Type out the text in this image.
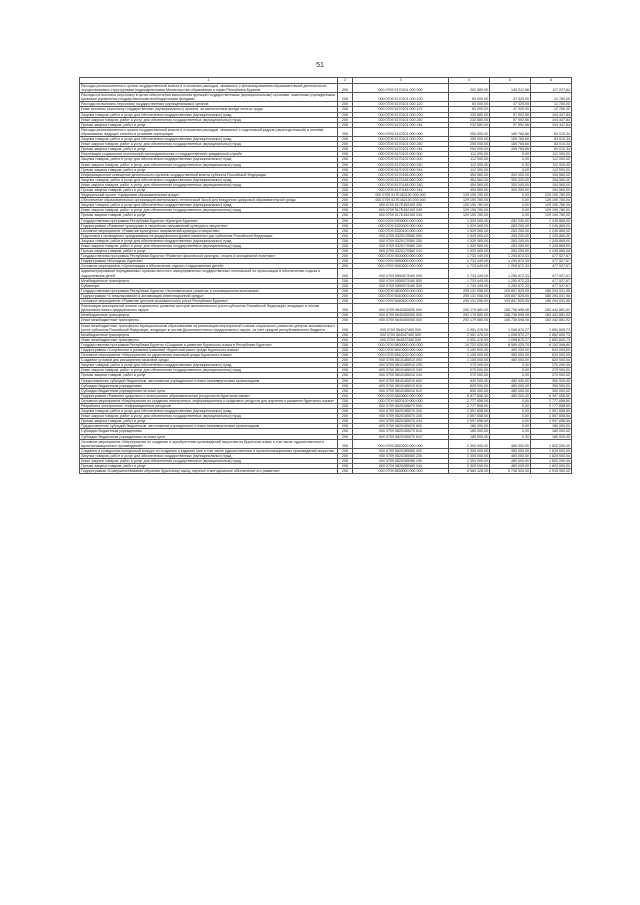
51
1	2	3	4	5	6
Расходы уполномоченного органа государственной власти в отношении расходов, связанных с финансированием образовательной деятельности, осуществляемых структурными подразделениями Министерства образования и науки Республики Бурятия	206	000 0709 5170101 000 000	202 580,00	145 312,56	117 227,84
Расходы на выплаты персоналу в целях обеспечения выполнения функций государственными (муниципальными) органами, казенными учреждениями, органами управления государственными внебюджетными фондами	206	000 0709 5170101 000 100	60 000,00	47 320,00	12 780,00
Расходы на выплаты персоналу государственных (муниципальных) органов	206	000 0709 5170101 000 120	60 000,00	47 320,00	12 780,00
Иные выплаты персоналу государственных (муниципальных) органов, за исключением фонда оплаты труда	206	000 0709 5170101 000 122	60 000,00	47 320,00	12 780,00
Закупка товаров, работ и услуг для обеспечения государственных (муниципальных) нужд	206	000 0709 5170101 000 200	232 580,00	97 992,56	104 447,84
Иные закупки товаров, работ и услуг для обеспечения государственных (муниципальных) нужд	206	000 0709 5170101 000 240	232 580,00	97 992,56	104 447,84
Прочая закупка товаров, работ и услуг	206	000 0709 5170101 000 244	232 580,00	97 992,56	104 447,84
Расходы уполномоченного органа государственной власти в отношении расходов, связанных с подготовкой кадров (переподготовкой) в системе образования, ведущих степень в условиях корпорации	206	000 0709 5170101 000 000	250 000,00	169 765,66	83 010,34
Закупка товаров, работ и услуг для обеспечения государственных (муниципальных) нужд	206	000 0709 5170101 000 200	250 000,00	169 765,66	83 010,34
Иные закупки товаров, работ и услуг для обеспечения государственных (муниципальных) нужд	206	000 0709 5170101 000 240	250 000,00	169 765,66	83 010,34
Прочая закупка товаров, работ и услуг	206	000 0709 5170101 000 244	250 000,00	169 765,66	83 010,34
Реализация социальных полномочий законодательства о государственной гражданской службе	206	000 0709 5170102 000 000	112 000,00	0,00	112 000,00
Закупка товаров, работ и услуг для обеспечения государственных (муниципальных) нужд	206	000 0709 5170102 000 200	112 000,00	0,00	112 000,00
Иные закупки товаров, работ и услуг для обеспечения государственных (муниципальных) нужд	206	000 0709 5170102 000 240	112 000,00	0,00	112 000,00
Прочая закупка товаров, работ и услуг	206	000 0709 5170102 000 244	112 000,00	0,00	112 000,00
Информационное освещение деятельности органов государственной власти субъекта Российской Федерации	206	000 0709 5170148 000 000	454 560,00	300 000,00	154 560,00
Закупка товаров, работ и услуг для обеспечения государственных (муниципальных) нужд	206	000 0709 5170148 000 200	454 560,00	300 000,00	154 560,00
Иные закупки товаров, работ и услуг для обеспечения государственных (муниципальных) нужд	206	000 0709 5170148 000 240	454 560,00	300 000,00	154 560,00
Прочая закупка товаров, работ и услуг	206	000 0709 5170148 000 244	454 560,00	300 000,00	154 560,00
Федеральный проект «Цифровая образовательная среда»	206	000 0709 517E452100 000 000	129 190 780,00	0,00	129 190 780,00
Обеспечение образовательных организаций материально-технической базой для внедрения цифровой образовательной среды	206	000 0709 517E452100 000 000	129 190 780,00	0,00	129 190 780,00
Закупка товаров, работ и услуг для обеспечения государственных (муниципальных) нужд	206	000 0709 517E452100 200	129 190 780,00	0,00	129 190 780,00
Иные закупки товаров, работ и услуг для обеспечения государственных (муниципальных) нужд	206	000 0709 517E452100 240	129 190 780,00	0,00	129 190 780,00
Прочая закупка товаров, работ и услуг	206	000 0709 517E452100 244	129 190 780,00	0,00	129 190 780,00
Государственная программа Республики Бурятия «Культура Бурятии»	206	000 0709 5300000 000 000	1 529 065,00	283 200,00	1 245 865,00
Подпрограмма «Развитие культурных и творческих направлений культуры и искусства»	206	000 0709 5320000 000 000	1 529 065,00	283 200,00	1 245 865,00
Основное мероприятие «Развитие культурных направлений культуры и искусства»	206	000 0709 5320100 000 000	1 529 065,00	283 200,00	1 245 865,00
Подготовка к проведению празднования на федеральном уровне памятных дат субъектов Российской Федерации	206	000 0709 5320170560 000	1 529 065,00	283 200,00	1 245 865,00
Закупка товаров, работ и услуг для обеспечения государственных (муниципальных) нужд	206	000 0709 5320170560 200	1 529 065,00	283 200,00	1 245 865,00
Иные закупки товаров, работ и услуг для обеспечения государственных (муниципальных) нужд	206	000 0709 5320170560 240	1 529 065,00	283 200,00	1 245 865,00
Прочая закупка товаров, работ и услуг	206	000 0709 5320170560 244	1 529 065,00	283 200,00	1 245 865,00
Государственная программа Республики Бурятия «Развитие физической культуры, спорта и молодежной политики»	206	000 0709 5500000 000 000	1 733 449,00	1 255 872,33	477 527,67
Подпрограмма «Молодежь Бурятии»	206	000 0709 5550000 000 000	1 733 449,00	1 255 872,33	477 527,67
Основное мероприятие «Организация и обеспечение отдыха и оздоровления детей»	206	000 0709 5550500 000 000	1 733 449,00	1 255 872,33	477 527,67
Администрирование передаваемых органам местного самоуправления государственных полномочий по организации и обеспечению отдыха и оздоровления детей	206	000 0709 5550573160 000	1 733 449,00	1 255 872,33	477 527,67
Межбюджетные трансферты	206	000 0709 5550573160 500	1 733 449,00	1 255 872,33	477 527,67
Субвенции	206	000 0709 5550573160 530	1 733 449,00	1 255 872,33	477 527,67
Государственная программа Республики Бурятия «Экономическое развитие и инновационная экономика»	206	000 0709 5600000 000 000	295 131 056,00	109 857 825,05	185 294 031,95
Подпрограмма «Стимулирование и активизация инвестиционной среды»	206	000 0709 5640000 000 000	295 131 056,00	109 857 825,05	185 294 031,95
Основное мероприятие «Развитие центров экономического роста Республики Бурятия»	206	000 0709 5640400 000 000	295 131 056,00	109 857 825,05	185 294 031,95
Реализация мероприятий планов социального развития центров экономического роста субъектов Российской Федерации, входящих в состав Дальневосточного федерального округа	206	000 0709 5640450050 000	292 179 580,00	108 736 698,08	183 442 881,92
Межбюджетные трансферты	206	000 0709 5640450050 500	292 179 580,00	108 736 698,08	183 442 881,92
Иные межбюджетные трансферты	206	000 0709 5640450050 540	292 179 580,00	108 736 698,08	183 442 881,92
Иные межбюджетные трансферты муниципальным образованиям на реализацию мероприятий планов социального развития центров экономического роста субъектов Российской Федерации, входящих в состав Дальневосточного федерального округа, за счет средств республиканского бюджета	206	000 0709 564047450 000	2 951 476,00	1 098 870,27	1 852 605,73
Межбюджетные трансферты	206	000 0709 564047450 500	2 951 476,00	1 098 870,27	1 852 605,73
Иные межбюджетные трансферты	206	000 0709 564047450 540	2 951 476,00	1 098 870,27	1 852 605,73
Государственная программа Республики Бурятия «Создание и развитие Бурятского языка в Республике Бурятия»	206	000 0709 5800000 000 000	14 722 028,50	8 569 429,70	6 152 598,80
Подпрограмма «Сохранение и развитие языковой «Бурятский язык» среды Бурятского языка»	206	000 0709 5810000 000 000	1 100 000,00	480 000,00	620 000,00
Основное мероприятие «Мероприятия по укреплению языковой среды Бурятского языка»	206	000 0709 5810100 000 000	1 100 000,00	480 000,00	620 000,00
Создание условий для расширения языковой среды	206	000 0709 5810185010 000	1 100 000,00	480 000,00	620 000,00
Закупка товаров, работ и услуг для обеспечения государственных (муниципальных) нужд	206	000 0709 5810185010 200	270 000,00	0,00	270 000,00
Иные закупки товаров, работ и услуг для обеспечения государственных (муниципальных) нужд	206	000 0709 5810185010 240	270 000,00	0,00	270 000,00
Прочая закупка товаров, работ и услуг	206	000 0709 5810185010 244	270 000,00	0,00	270 000,00
Предоставление субсидий бюджетным, автономным учреждениям и иным некоммерческим организациям	206	000 0709 5810185010 600	830 000,00	480 000,00	350 000,00
Субсидии бюджетным учреждениям	206	000 0709 5810185010 610	830 000,00	480 000,00	350 000,00
Субсидии бюджетным учреждениям на иные цели	206	000 0709 5810185010 612	830 000,00	480 000,00	350 000,00
Подпрограмма «Развитие цифровых и электронных образовательных ресурсов на бурятском языке»	206	000 0709 5820000 000 000	6 877 658,50	480 000,00	6 397 658,50
Основное мероприятие «Мероприятия по созданию электронных, информационных и цифровых ресурсов для изучения и развития бурятского языка»	206	000 0709 5820100 000 000	2 777 658,50	0,00	2 777 658,50
Разработка электронных, информационных ресурсов	206	000 0709 5820185070 000	2 777 658,50	0,00	2 777 658,50
Закупка товаров, работ и услуг для обеспечения государственных (муниципальных) нужд	206	000 0709 5820185070 200	2 597 658,50	0,00	2 597 658,50
Иные закупки товаров, работ и услуг для обеспечения государственных (муниципальных) нужд	206	000 0709 5820185070 240	2 597 658,50	0,00	2 597 658,50
Прочая закупка товаров, работ и услуг	206	000 0709 5820185070 244	2 597 658,50	0,00	2 597 658,50
Предоставление субсидий бюджетным, автономным учреждениям и иным некоммерческим организациям	206	000 0709 5820185070 600	180 000,00	0,00	180 000,00
Субсидии бюджетным учреждениям	206	000 0709 5820185070 610	180 000,00	0,00	180 000,00
Субсидии бюджетным учреждениям на иные цели	206	000 0709 5820185070 612	180 000,00	0,00	180 000,00
Основное мероприятие «Мероприятия по созданию и приобретению произведений искусства на бурятском языке в том числе художественных и мультипликационных произведений»	206	000 0709 5820200 000 000	2 300 000,00	480 000,00	1 820 000,00
Создание и конкурсные конкурсный конкурс по созданию и изданию книг в том числе художественных и мультипликационных произведений искусства	206	000 0709 5820285080 000	2 300 000,00	480 000,00	1 820 000,00
Закупка товаров, работ и услуг для обеспечения государственных (муниципальных) нужд	206	000 0709 5820285080 200	2 300 000,00	480 000,00	1 820 000,00
Иные закупки товаров, работ и услуг для обеспечения государственных (муниципальных) нужд	206	000 0709 5820285080 240	2 300 000,00	480 000,00	1 820 000,00
Прочая закупка товаров, работ и услуг	206	000 0709 5820285080 244	2 300 000,00	480 000,00	1 820 000,00
Подпрограмма «Совершенствование обучения бурятскому языку, научное и методическое обеспечение его развития»	206	000 0709 5830000 000 000	6 584 428,00	5 728 920,00	2 915 950,00
